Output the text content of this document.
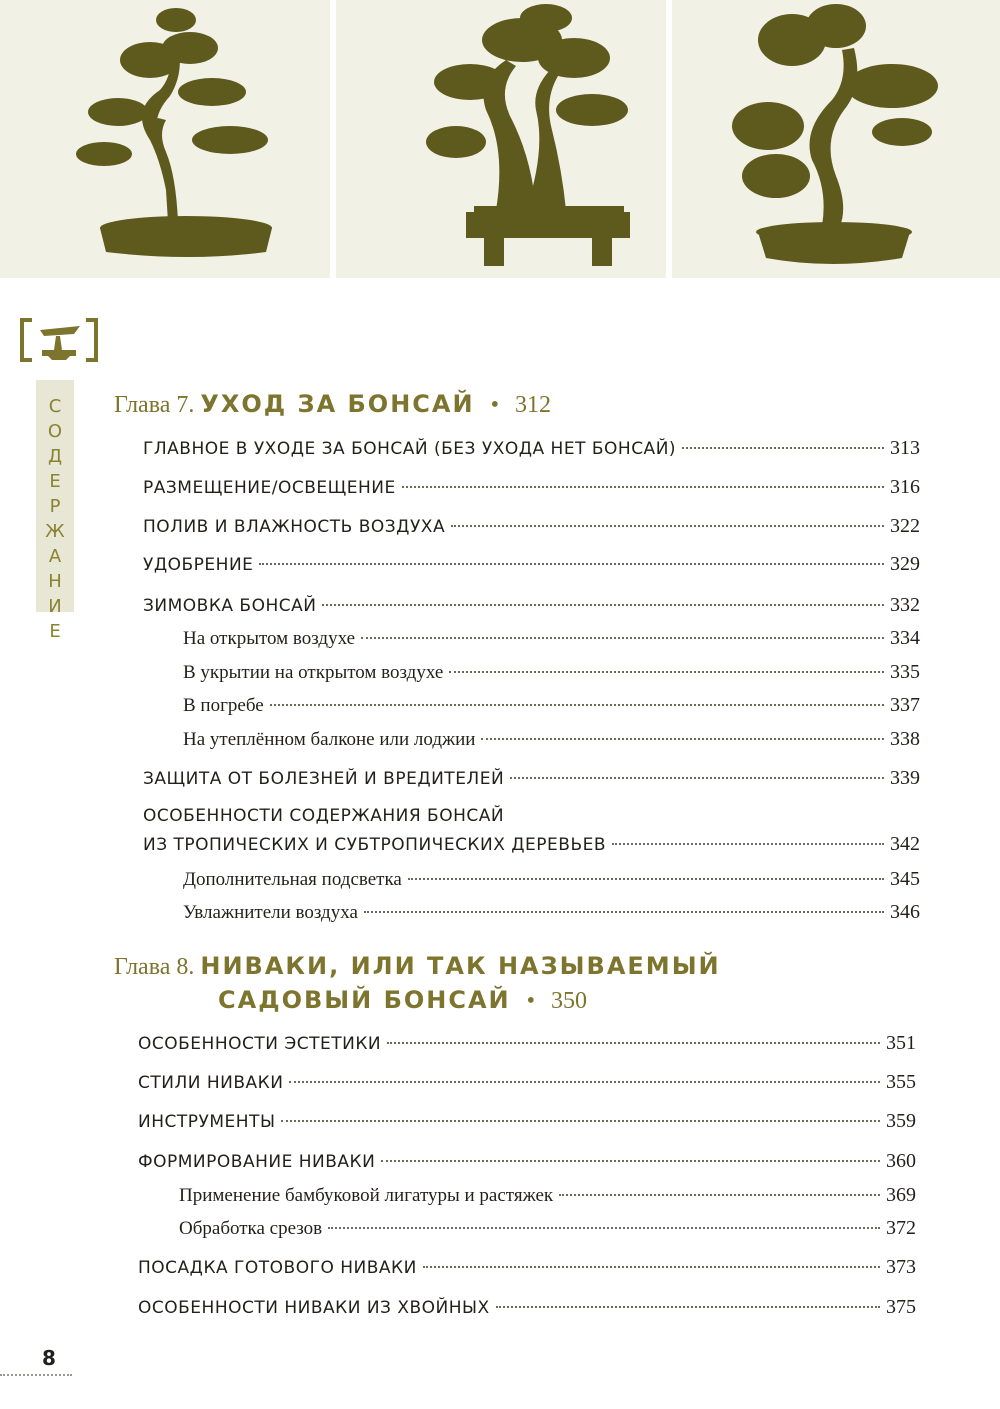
С
О
Д
Е
Р
Ж
А
Н
И
Е
Глава 7. УХОД ЗА БОНСАЙ • 312
ГЛАВНОЕ В УХОДЕ ЗА БОНСАЙ (БЕЗ УХОДА НЕТ БОНСАЙ)	313
РАЗМЕЩЕНИЕ/ОСВЕЩЕНИЕ	316
ПОЛИВ И ВЛАЖНОСТЬ ВОЗДУХА	322
УДОБРЕНИЕ	329
ЗИМОВКА БОНСАЙ	332
На открытом воздухе	334
В укрытии на открытом воздухе	335
В погребе	337
На утеплённом балконе или лоджии	338
ЗАЩИТА ОТ БОЛЕЗНЕЙ И ВРЕДИТЕЛЕЙ	339
ОСОБЕННОСТИ СОДЕРЖАНИЯ БОНСАЙ
ИЗ ТРОПИЧЕСКИХ И СУБТРОПИЧЕСКИХ ДЕРЕВЬЕВ	342
Дополнительная подсветка	345
Увлажнители воздуха	346
Глава 8. НИВАКИ, ИЛИ ТАК НАЗЫВАЕМЫЙ
САДОВЫЙ БОНСАЙ • 350
ОСОБЕННОСТИ ЭСТЕТИКИ	351
СТИЛИ НИВАКИ	355
ИНСТРУМЕНТЫ	359
ФОРМИРОВАНИЕ НИВАКИ	360
Применение бамбуковой лигатуры и растяжек	369
Обработка срезов	372
ПОСАДКА ГОТОВОГО НИВАКИ	373
ОСОБЕННОСТИ НИВАКИ ИЗ ХВОЙНЫХ	375
8
